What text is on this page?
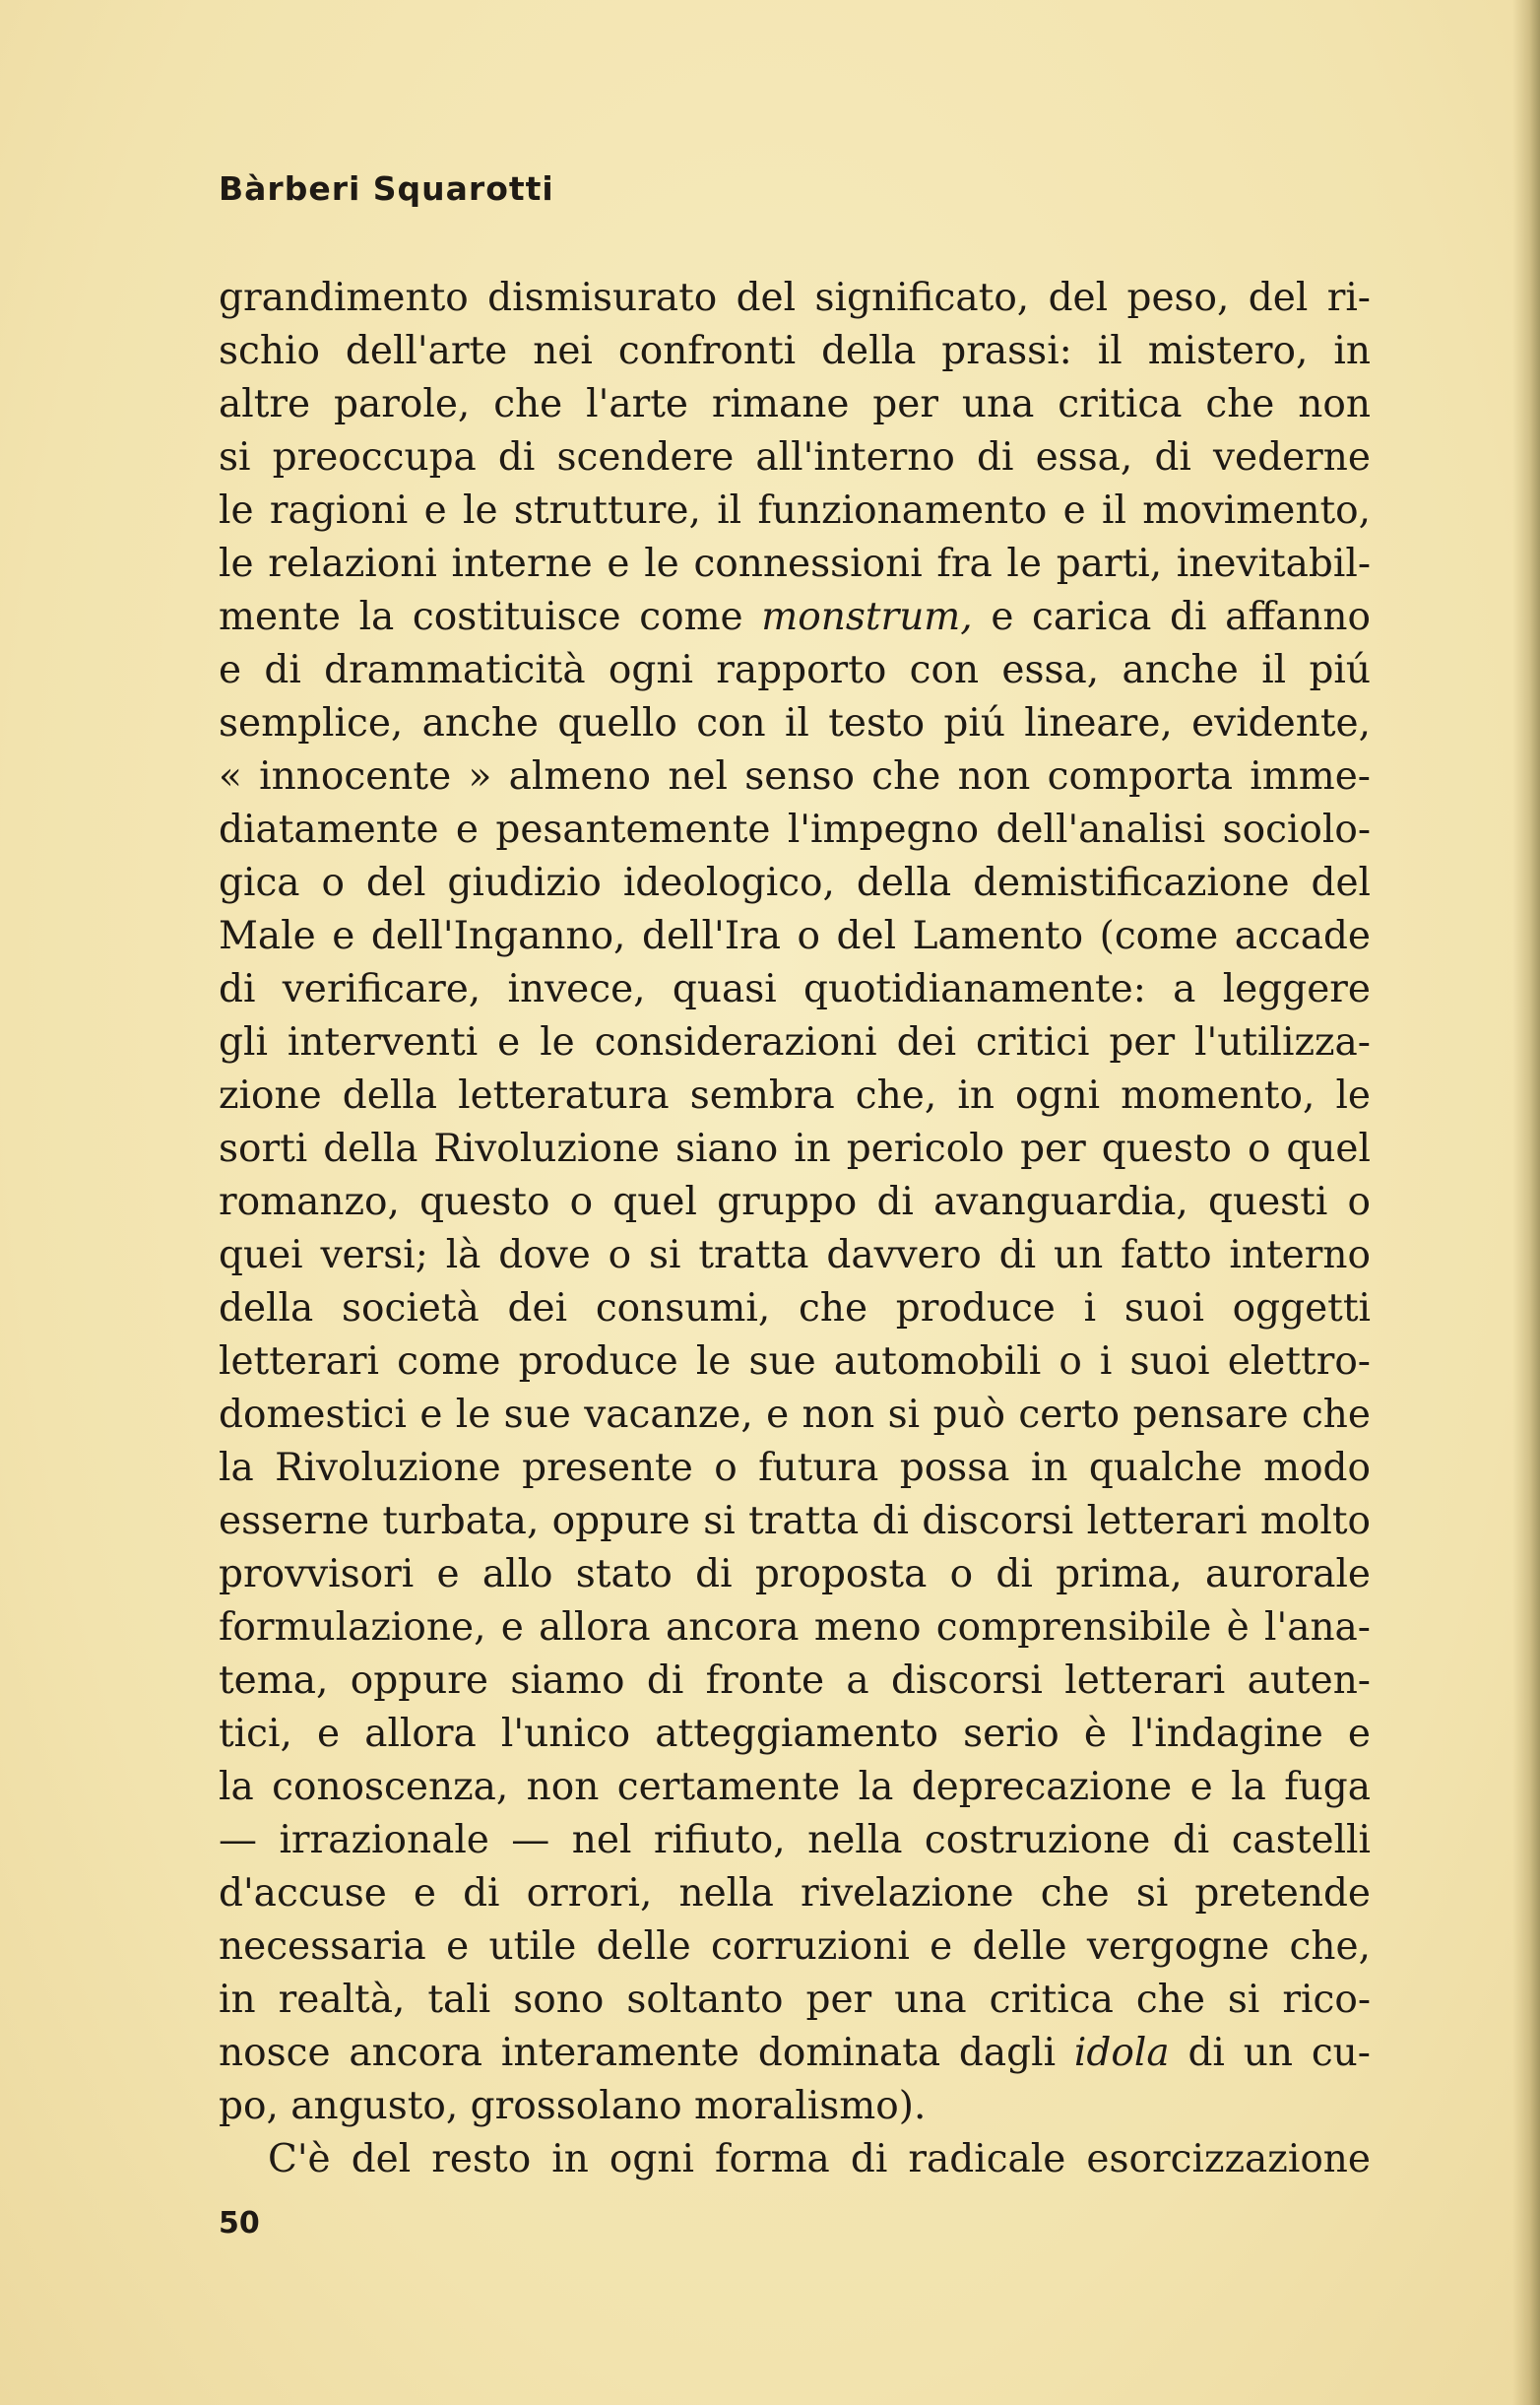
Bàrberi Squarotti
grandimento dismisurato del significato, del peso, del ri-
schio dell'arte nei confronti della prassi: il mistero, in
altre parole, che l'arte rimane per una critica che non
si preoccupa di scendere all'interno di essa, di vederne
le ragioni e le strutture, il funzionamento e il movimento,
le relazioni interne e le connessioni fra le parti, inevitabil-
mente la costituisce come monstrum, e carica di affanno
e di drammaticità ogni rapporto con essa, anche il piú
semplice, anche quello con il testo piú lineare, evidente,
« innocente » almeno nel senso che non comporta imme-
diatamente e pesantemente l'impegno dell'analisi sociolo-
gica o del giudizio ideologico, della demistificazione del
Male e dell'Inganno, dell'Ira o del Lamento (come accade
di verificare, invece, quasi quotidianamente: a leggere
gli interventi e le considerazioni dei critici per l'utilizza-
zione della letteratura sembra che, in ogni momento, le
sorti della Rivoluzione siano in pericolo per questo o quel
romanzo, questo o quel gruppo di avanguardia, questi o
quei versi; là dove o si tratta davvero di un fatto interno
della società dei consumi, che produce i suoi oggetti
letterari come produce le sue automobili o i suoi elettro-
domestici e le sue vacanze, e non si può certo pensare che
la Rivoluzione presente o futura possa in qualche modo
esserne turbata, oppure si tratta di discorsi letterari molto
provvisori e allo stato di proposta o di prima, aurorale
formulazione, e allora ancora meno comprensibile è l'ana-
tema, oppure siamo di fronte a discorsi letterari auten-
tici, e allora l'unico atteggiamento serio è l'indagine e
la conoscenza, non certamente la deprecazione e la fuga
— irrazionale — nel rifiuto, nella costruzione di castelli
d'accuse e di orrori, nella rivelazione che si pretende
necessaria e utile delle corruzioni e delle vergogne che,
in realtà, tali sono soltanto per una critica che si rico-
nosce ancora interamente dominata dagli idola di un cu-
po, angusto, grossolano moralismo).
C'è del resto in ogni forma di radicale esorcizzazione
50
